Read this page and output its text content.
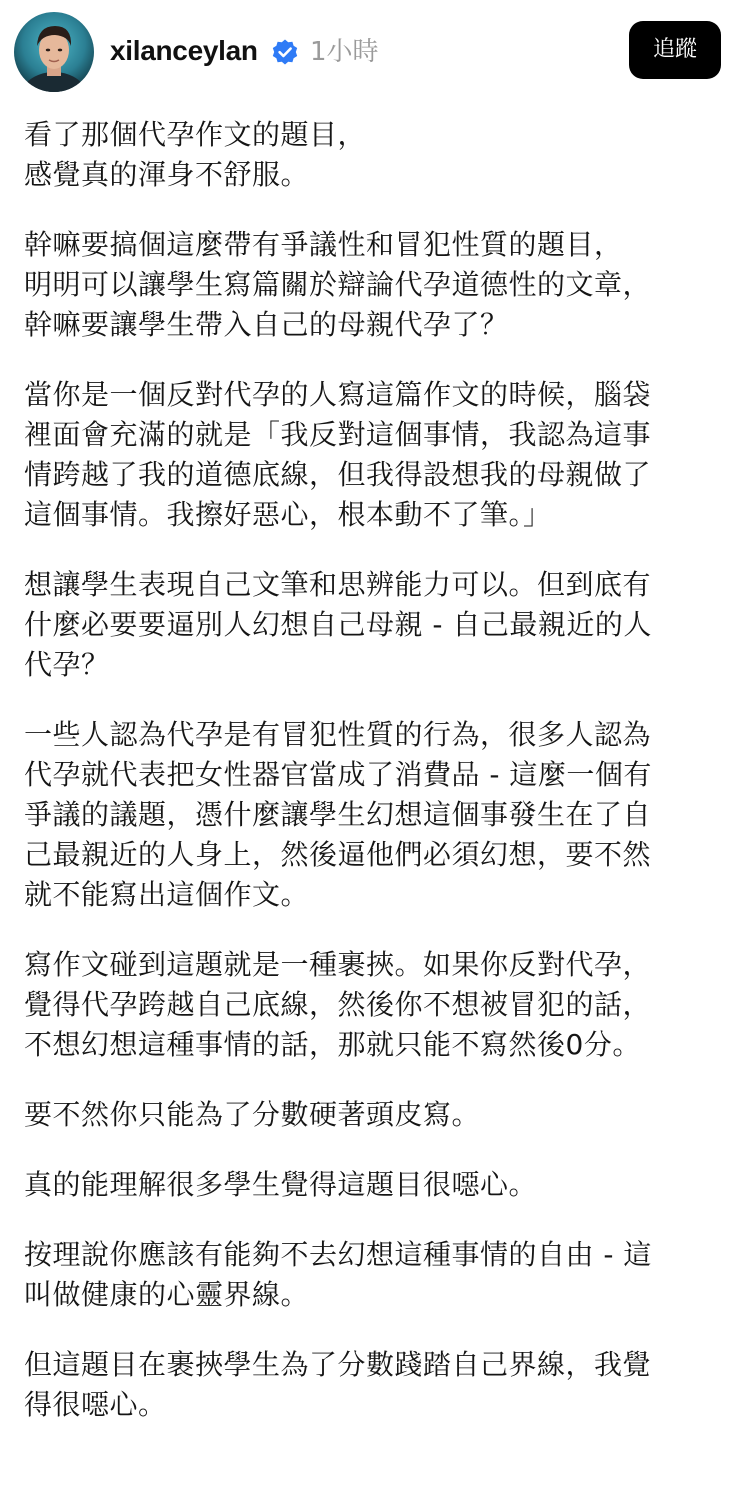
xilanceylan 1小時	追蹤

看了那個代孕作文的題目，
感覺真的渾身不舒服。

幹嘛要搞個這麼帶有爭議性和冒犯性質的題目，
明明可以讓學生寫篇關於辯論代孕道德性的文章，
幹嘛要讓學生帶入自己的母親代孕了？

當你是一個反對代孕的人寫這篇作文的時候，腦袋
裡面會充滿的就是「我反對這個事情，我認為這事
情跨越了我的道德底線，但我得設想我的母親做了
這個事情。我擦好惡心，根本動不了筆。」

想讓學生表現自己文筆和思辨能力可以。但到底有
什麼必要要逼別人幻想自己母親 - 自己最親近的人
代孕？

一些人認為代孕是有冒犯性質的行為，很多人認為
代孕就代表把女性器官當成了消費品 - 這麼一個有
爭議的議題，憑什麼讓學生幻想這個事發生在了自
己最親近的人身上，然後逼他們必須幻想，要不然
就不能寫出這個作文。

寫作文碰到這題就是一種裹挾。如果你反對代孕，
覺得代孕跨越自己底線，然後你不想被冒犯的話，
不想幻想這種事情的話，那就只能不寫然後0分。

要不然你只能為了分數硬著頭皮寫。

真的能理解很多學生覺得這題目很噁心。

按理說你應該有能夠不去幻想這種事情的自由 - 這
叫做健康的心靈界線。

但這題目在裹挾學生為了分數踐踏自己界線，我覺
得很噁心。
